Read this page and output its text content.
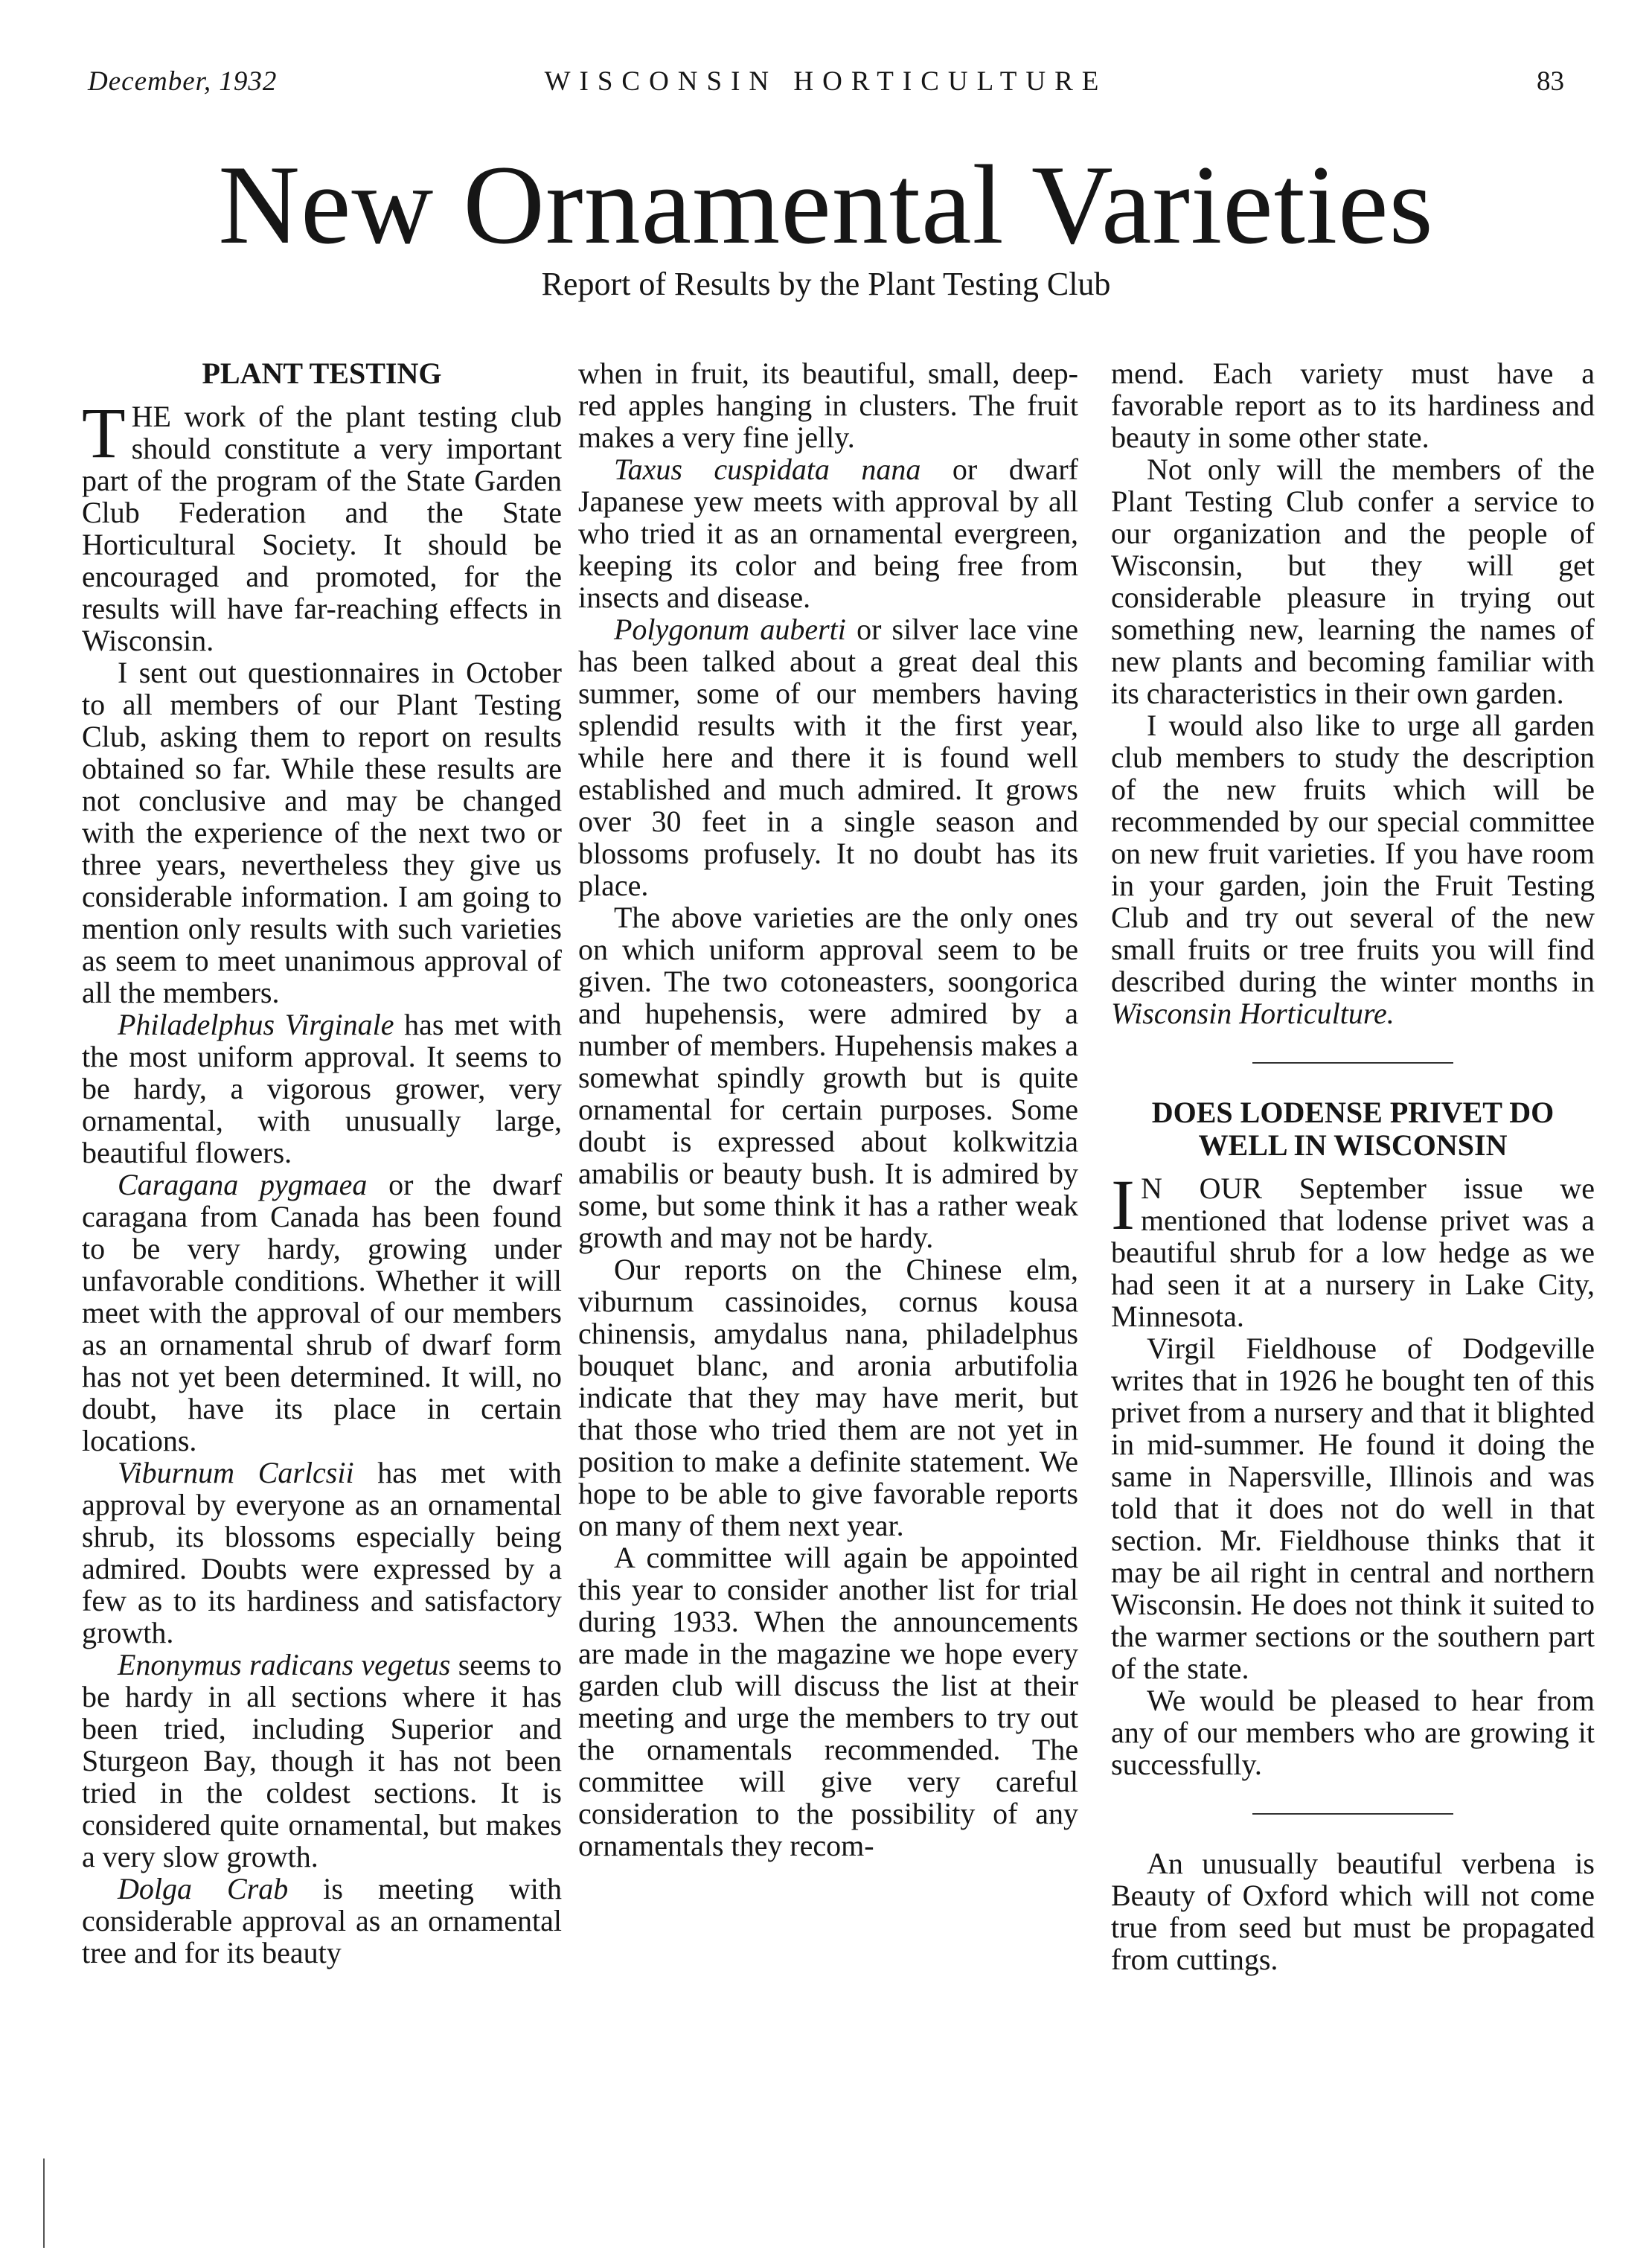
December, 1932	WISCONSIN HORTICULTURE	83
New Ornamental Varieties

Report of Results by the Plant Testing Club

PLANT TESTING

THE work of the plant testing club should constitute a very important part of the program of the State Garden Club Federation and the State Horticultural Society. It should be encouraged and promoted, for the results will have far-reaching effects in Wisconsin.

I sent out questionnaires in October to all members of our Plant Testing Club, asking them to report on results obtained so far. While these results are not conclusive and may be changed with the experience of the next two or three years, nevertheless they give us considerable information. I am going to mention only results with such varieties as seem to meet unanimous approval of all the members.

Philadelphus Virginale has met with the most uniform approval. It seems to be hardy, a vigorous grower, very ornamental, with unusually large, beautiful flowers.

Caragana pygmaea or the dwarf caragana from Canada has been found to be very hardy, growing under unfavorable conditions. Whether it will meet with the approval of our members as an ornamental shrub of dwarf form has not yet been determined. It will, no doubt, have its place in certain locations.

Viburnum Carlcsii has met with approval by everyone as an ornamental shrub, its blossoms especially being admired. Doubts were expressed by a few as to its hardiness and satisfactory growth.

Enonymus radicans vegetus seems to be hardy in all sections where it has been tried, including Superior and Sturgeon Bay, though it has not been tried in the coldest sections. It is considered quite ornamental, but makes a very slow growth.

Dolga Crab is meeting with considerable approval as an ornamental tree and for its beauty

when in fruit, its beautiful, small, deep-red apples hanging in clusters. The fruit makes a very fine jelly.

Taxus cuspidata nana or dwarf Japanese yew meets with approval by all who tried it as an ornamental evergreen, keeping its color and being free from insects and disease.

Polygonum auberti or silver lace vine has been talked about a great deal this summer, some of our members having splendid results with it the first year, while here and there it is found well established and much admired. It grows over 30 feet in a single season and blossoms profusely. It no doubt has its place.

The above varieties are the only ones on which uniform approval seem to be given. The two cotoneasters, soongorica and hupehensis, were admired by a number of members. Hupehensis makes a somewhat spindly growth but is quite ornamental for certain purposes. Some doubt is expressed about kolkwitzia amabilis or beauty bush. It is admired by some, but some think it has a rather weak growth and may not be hardy.

Our reports on the Chinese elm, viburnum cassinoides, cornus kousa chinensis, amydalus nana, philadelphus bouquet blanc, and aronia arbutifolia indicate that they may have merit, but that those who tried them are not yet in position to make a definite statement. We hope to be able to give favorable reports on many of them next year.

A committee will again be appointed this year to consider another list for trial during 1933. When the announcements are made in the magazine we hope every garden club will discuss the list at their meeting and urge the members to try out the ornamentals recommended. The committee will give very careful consideration to the possibility of any ornamentals they recom-

mend. Each variety must have a favorable report as to its hardiness and beauty in some other state.

Not only will the members of the Plant Testing Club confer a service to our organization and the people of Wisconsin, but they will get considerable pleasure in trying out something new, learning the names of new plants and becoming familiar with its characteristics in their own garden.

I would also like to urge all garden club members to study the description of the new fruits which will be recommended by our special committee on new fruit varieties. If you have room in your garden, join the Fruit Testing Club and try out several of the new small fruits or tree fruits you will find described during the winter months in Wisconsin Horticulture.

DOES LODENSE PRIVET DO WELL IN WISCONSIN

I N OUR September issue we mentioned that lodense privet was a beautiful shrub for a low hedge as we had seen it at a nursery in Lake City, Minnesota.

Virgil Fieldhouse of Dodgeville writes that in 1926 he bought ten of this privet from a nursery and that it blighted in mid-summer. He found it doing the same in Napersville, Illinois and was told that it does not do well in that section. Mr. Fieldhouse thinks that it may be ail right in central and northern Wisconsin. He does not think it suited to the warmer sections or the southern part of the state.

We would be pleased to hear from any of our members who are growing it successfully.

An unusually beautiful verbena is Beauty of Oxford which will not come true from seed but must be propagated from cuttings.
